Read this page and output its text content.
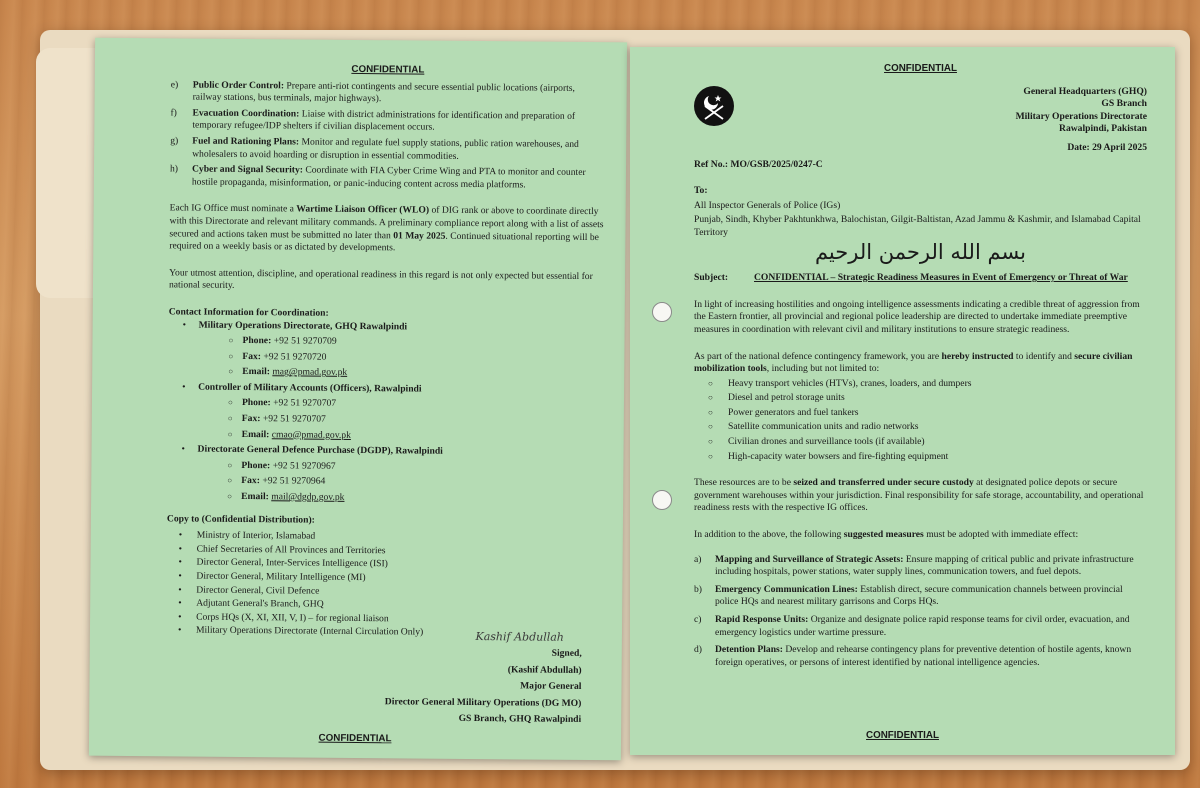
CONFIDENTIAL
e)	Public Order Control: Prepare anti-riot contingents and secure essential public locations (airports, railway stations, bus terminals, major highways).
f)	Evacuation Coordination: Liaise with district administrations for identification and preparation of temporary refugee/IDP shelters if civilian displacement occurs.
g)	Fuel and Rationing Plans: Monitor and regulate fuel supply stations, public ration warehouses, and wholesalers to avoid hoarding or disruption in essential commodities.
h)	Cyber and Signal Security: Coordinate with FIA Cyber Crime Wing and PTA to monitor and counter hostile propaganda, misinformation, or panic-inducing content across media platforms.

Each IG Office must nominate a Wartime Liaison Officer (WLO) of DIG rank or above to coordinate directly with this Directorate and relevant military commands. A preliminary compliance report along with a list of assets secured and actions taken must be submitted no later than 01 May 2025. Continued situational reporting will be required on a weekly basis or as dictated by developments.

Your utmost attention, discipline, and operational readiness in this regard is not only expected but essential for national security.

Contact Information for Coordination:

•	Military Operations Directorate, GHQ Rawalpindi
○ Phone: +92 51 9270709
○ Fax: +92 51 9270720
○ Email: mag@pmad.gov.pk
•	Controller of Military Accounts (Officers), Rawalpindi
○ Phone: +92 51 9270707
○ Fax: +92 51 9270707
○ Email: cmao@pmad.gov.pk
•	Directorate General Defence Purchase (DGDP), Rawalpindi
○ Phone: +92 51 9270967
○ Fax: +92 51 9270964
○ Email: mail@dgdp.gov.pk

Copy to (Confidential Distribution):

•	Ministry of Interior, Islamabad
•	Chief Secretaries of All Provinces and Territories
•	Director General, Inter-Services Intelligence (ISI)
•	Director General, Military Intelligence (MI)
•	Director General, Civil Defence
•	Adjutant General's Branch, GHQ
•	Corps HQs (X, XI, XII, V, I) – for regional liaison
•	Military Operations Directorate (Internal Circulation Only)	Kashif Abdullah
Signed,
(Kashif Abdullah)
Major General
Director General Military Operations (DG MO)
GS Branch, GHQ Rawalpindi
CONFIDENTIAL
CONFIDENTIAL
General Headquarters (GHQ)
GS Branch
Military Operations Directorate
Rawalpindi, Pakistan
Date: 29 April 2025
Ref No.: MO/GSB/2025/0247-C
To:
All Inspector Generals of Police (IGs)
Punjab, Sindh, Khyber Pakhtunkhwa, Balochistan, Gilgit-Baltistan, Azad Jammu & Kashmir, and Islamabad Capital Territory
بسم الله الرحمن الرحيم
Subject:	CONFIDENTIAL – Strategic Readiness Measures in Event of Emergency or Threat of War

In light of increasing hostilities and ongoing intelligence assessments indicating a credible threat of aggression from the Eastern frontier, all provincial and regional police leadership are directed to undertake immediate preemptive measures in coordination with relevant civil and military institutions to ensure strategic readiness.

As part of the national defence contingency framework, you are hereby instructed to identify and secure civilian mobilization tools, including but not limited to:

○	Heavy transport vehicles (HTVs), cranes, loaders, and dumpers
○	Diesel and petrol storage units
○	Power generators and fuel tankers
○	Satellite communication units and radio networks
○	Civilian drones and surveillance tools (if available)
○	High-capacity water bowsers and fire-fighting equipment

These resources are to be seized and transferred under secure custody at designated police depots or secure government warehouses within your jurisdiction. Final responsibility for safe storage, accountability, and operational readiness rests with the respective IG offices.

In addition to the above, the following suggested measures must be adopted with immediate effect:

a)	Mapping and Surveillance of Strategic Assets: Ensure mapping of critical public and private infrastructure including hospitals, power stations, water supply lines, communication towers, and fuel depots.
b)	Emergency Communication Lines: Establish direct, secure communication channels between provincial police HQs and nearest military garrisons and Corps HQs.
c)	Rapid Response Units: Organize and designate police rapid response teams for civil order, evacuation, and emergency logistics under wartime pressure.
d)	Detention Plans: Develop and rehearse contingency plans for preventive detention of hostile agents, known foreign operatives, or persons of interest identified by national intelligence agencies.
CONFIDENTIAL
